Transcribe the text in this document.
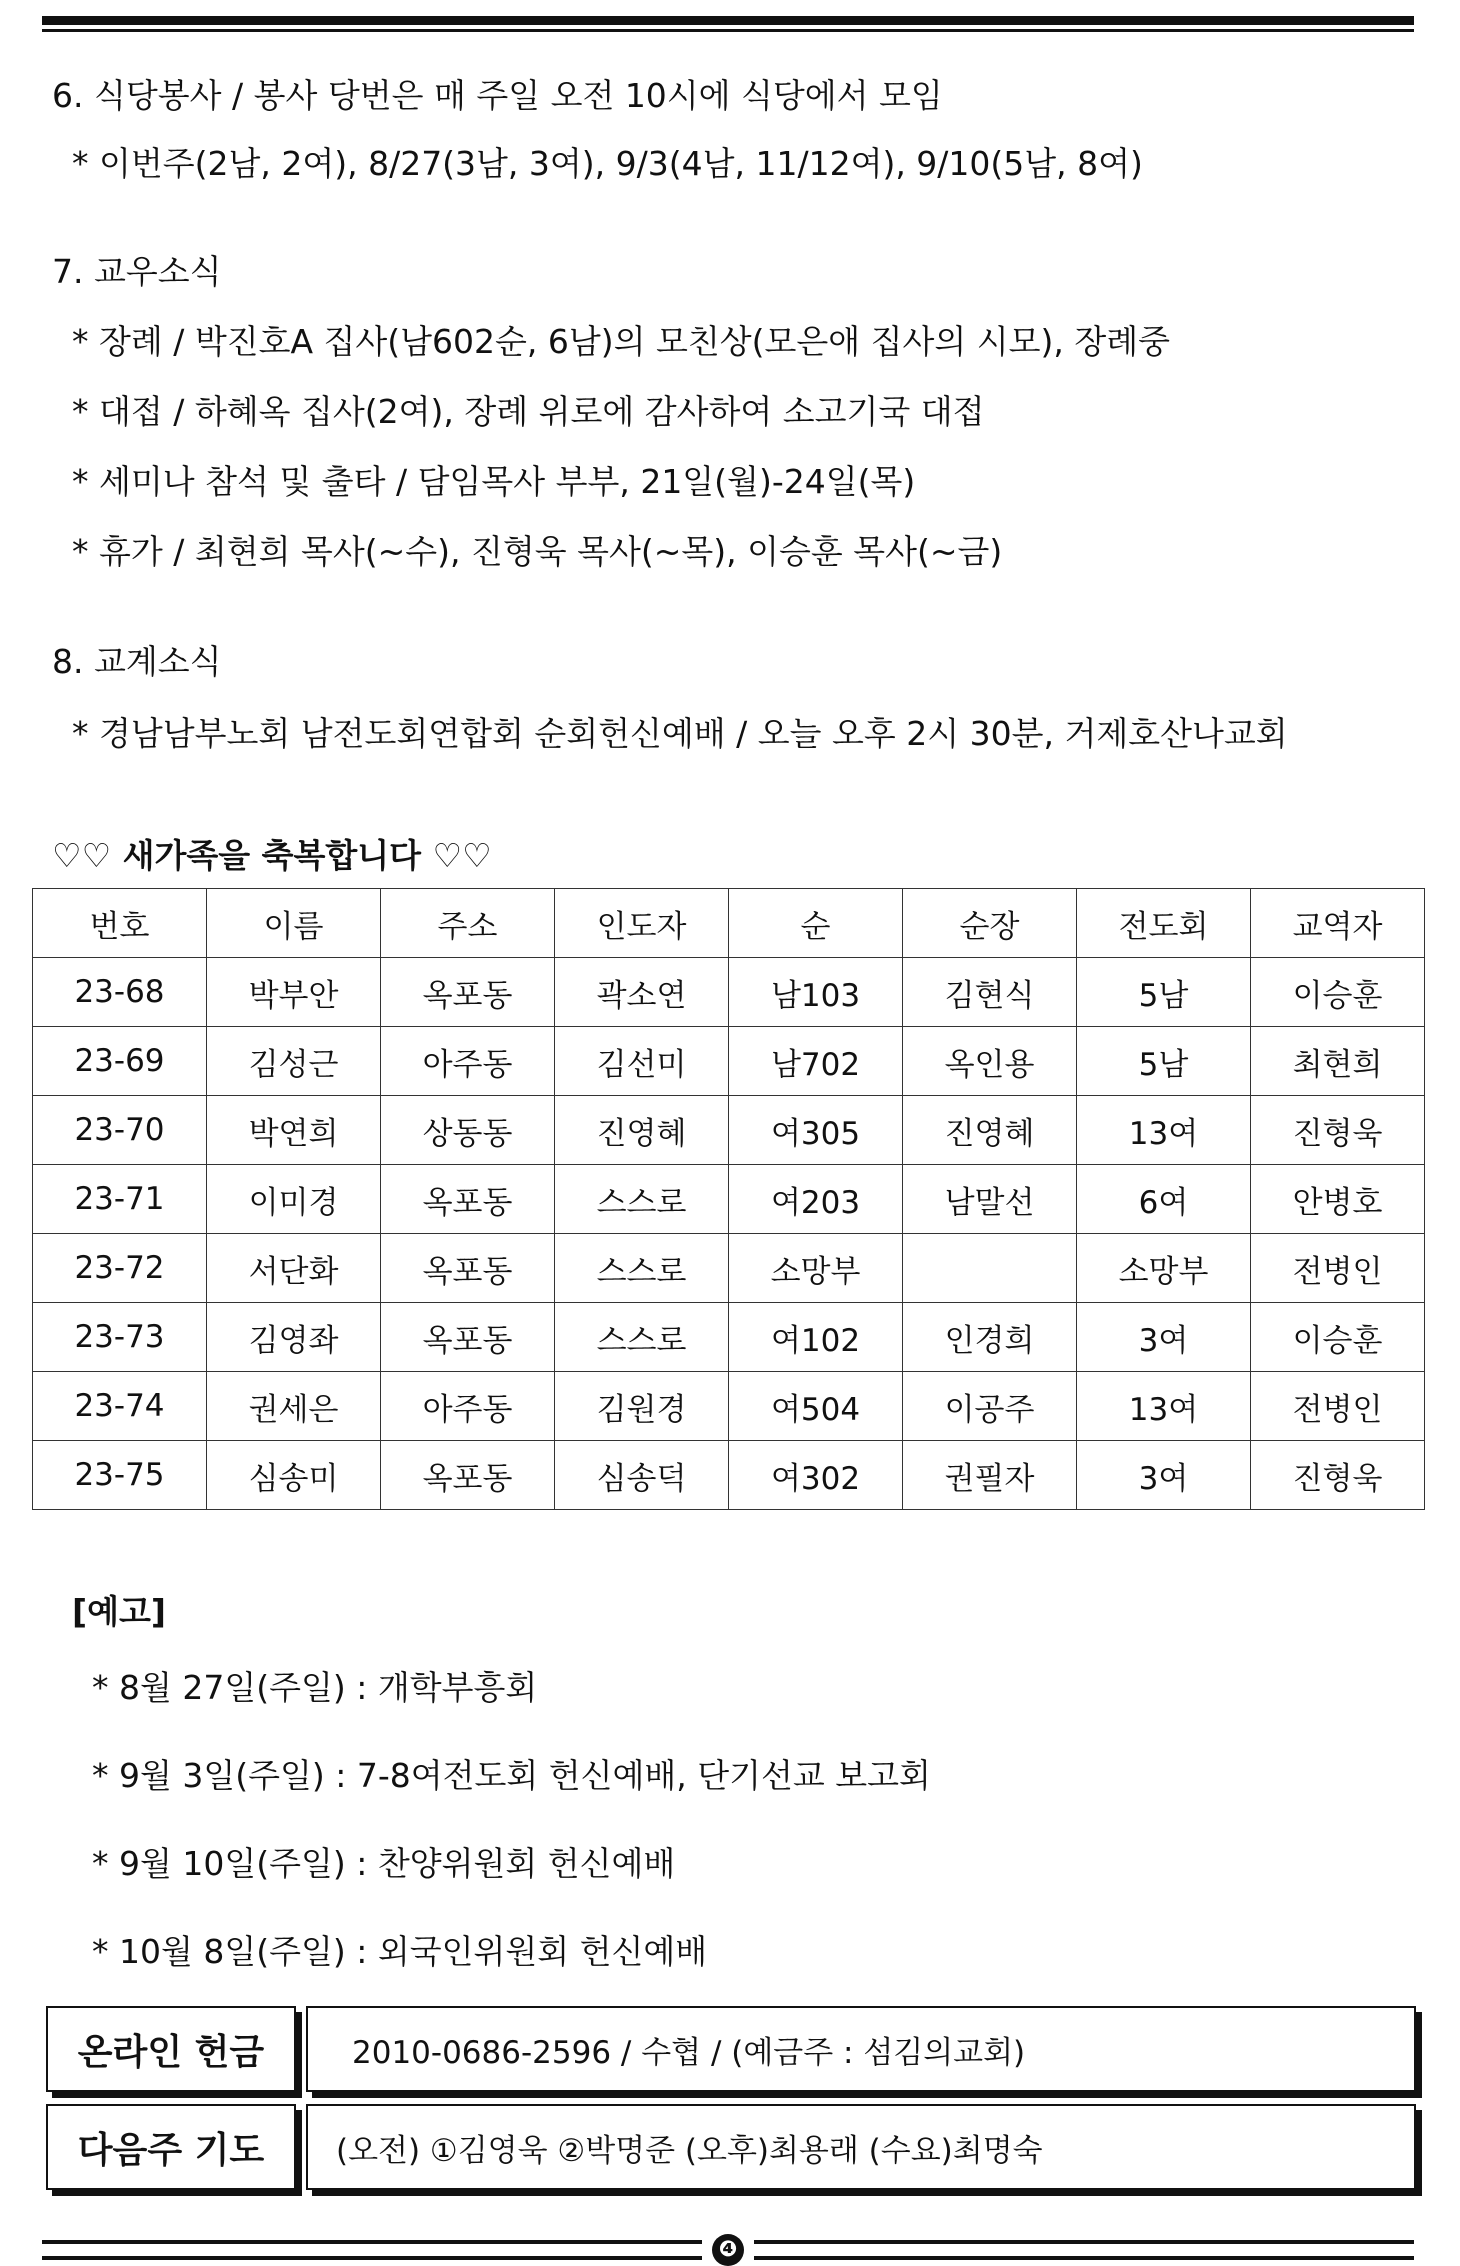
6. 식당봉사 / 봉사 당번은 매 주일 오전 10시에 식당에서 모임
* 이번주(2남, 2여), 8/27(3남, 3여), 9/3(4남, 11/12여), 9/10(5남, 8여)
7. 교우소식
* 장례 / 박진호A 집사(남602순, 6남)의 모친상(모은애 집사의 시모), 장례중
* 대접 / 하혜옥 집사(2여), 장례 위로에 감사하여 소고기국 대접
* 세미나 참석 및 출타 / 담임목사 부부, 21일(월)-24일(목)
* 휴가 / 최현희 목사(~수), 진형욱 목사(~목), 이승훈 목사(~금)
8. 교계소식
* 경남남부노회 남전도회연합회 순회헌신예배 / 오늘 오후 2시 30분, 거제호산나교회
♡♡ 새가족을 축복합니다 ♡♡
번호	이름	주소	인도자	순	순장	전도회	교역자
23-68	박부안	옥포동	곽소연	남103	김현식	5남	이승훈
23-69	김성근	아주동	김선미	남702	옥인용	5남	최현희
23-70	박연희	상동동	진영혜	여305	진영혜	13여	진형욱
23-71	이미경	옥포동	스스로	여203	남말선	6여	안병호
23-72	서단화	옥포동	스스로	소망부		소망부	전병인
23-73	김영좌	옥포동	스스로	여102	인경희	3여	이승훈
23-74	권세은	아주동	김원경	여504	이공주	13여	전병인
23-75	심송미	옥포동	심송덕	여302	권필자	3여	진형욱
[예고]
* 8월 27일(주일) : 개학부흥회
* 9월 3일(주일) : 7-8여전도회 헌신예배, 단기선교 보고회
* 9월 10일(주일) : 찬양위원회 헌신예배
* 10월 8일(주일) : 외국인위원회 헌신예배
온라인 헌금	2010-0686-2596 / 수협 / (예금주 : 섬김의교회)
다음주 기도	(오전) ①김영욱 ②박명준 (오후)최용래 (수요)최명숙
❹
